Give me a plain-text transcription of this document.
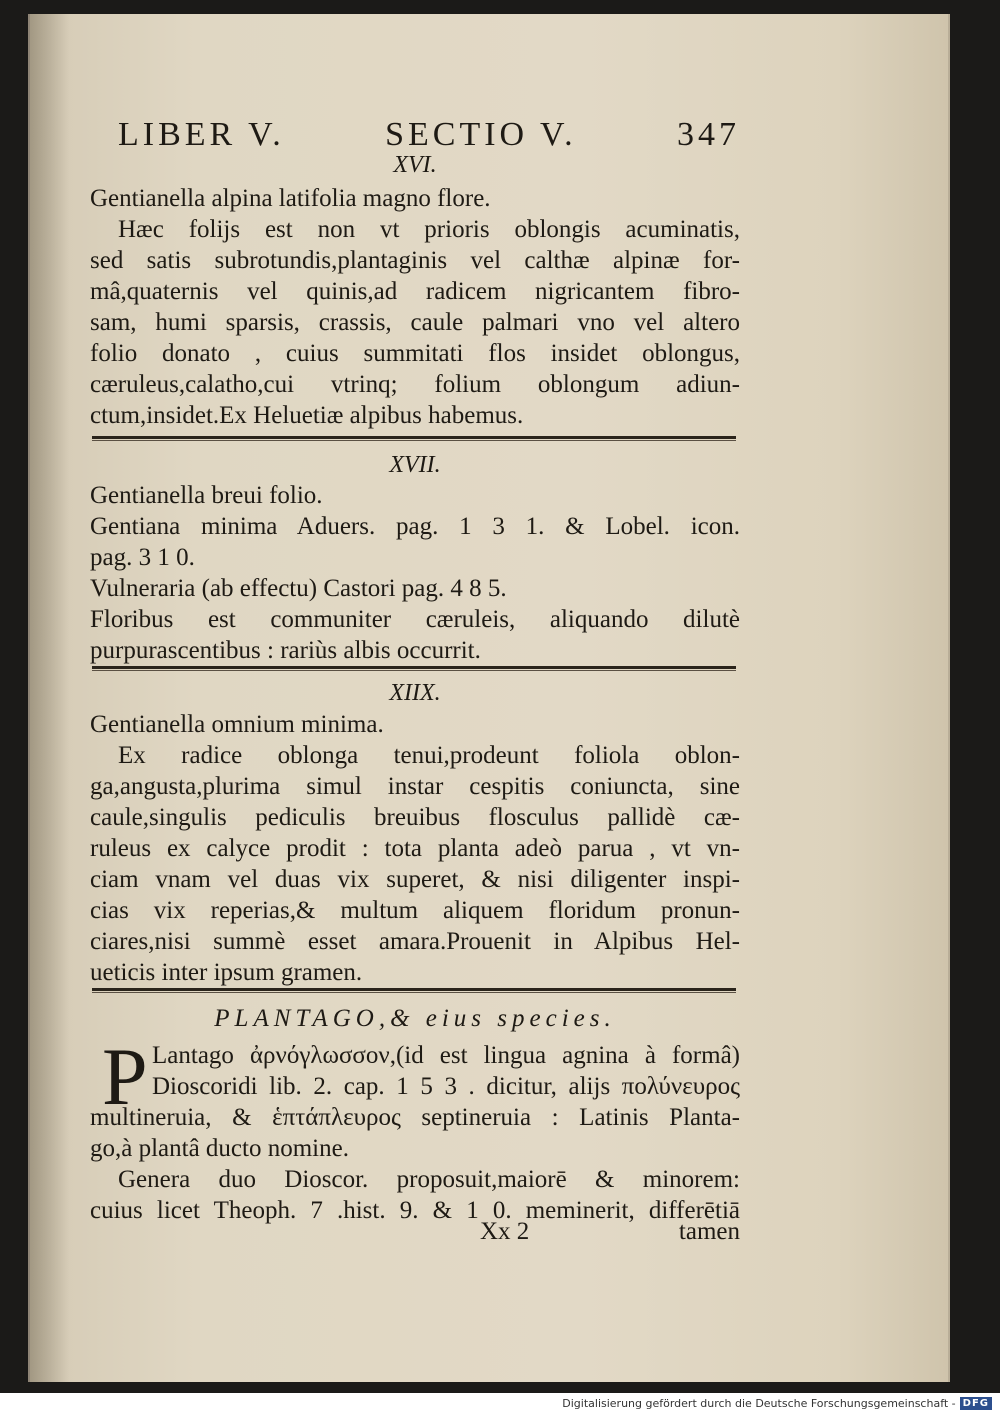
LIBER V.	SECTIO V.	347
XVI.
Gentianella alpina latifolia magno flore.
Hæc folijs est non vt prioris oblongis acuminatis,
sed satis subrotundis,plantaginis vel calthæ alpinæ for-
mâ,quaternis vel quinis,ad radicem nigricantem fibro-
sam, humi sparsis, crassis, caule palmari vno vel altero
folio donato , cuius summitati flos insidet oblongus,
cæruleus,calatho,cui vtrinq; folium oblongum adiun-
ctum,insidet.Ex Heluetiæ alpibus habemus.
XVII.
Gentianella breui folio.
Gentiana minima Aduers. pag. 1 3 1. & Lobel. icon.
pag. 3 1 0.
Vulneraria (ab effectu) Castori pag. 4 8 5.
Floribus est communiter cæruleis, aliquando dilutè
purpurascentibus : rariùs albis occurrit.
XIIX.
Gentianella omnium minima.
Ex radice oblonga tenui,prodeunt foliola oblon-
ga,angusta,plurima simul instar cespitis coniuncta, sine
caule,singulis pediculis breuibus flosculus pallidè cæ-
ruleus ex calyce prodit : tota planta adeò parua , vt vn-
ciam vnam vel duas vix superet, & nisi diligenter inspi-
cias vix reperias,& multum aliquem floridum pronun-
ciares,nisi summè esset amara.Prouenit in Alpibus Hel-
ueticis inter ipsum gramen.
PLANTAGO,& eius species.
P Lantago ἀρνόγλωσσον,(id est lingua agnina à formâ)
Dioscoridi lib. 2. cap. 1 5 3 . dicitur, alijs πολύνευρος
multineruia, & ἑπτάπλευρος septineruia : Latinis Planta-
go,à plantâ ducto nomine.
Genera duo Dioscor. proposuit,maiorē & minorem:
cuius licet Theoph. 7 .hist. 9. & 1 0. meminerit, differētiā
Xx 2	tamen
Digitalisierung gefördert durch die Deutsche Forschungsgemeinschaft - DFG
